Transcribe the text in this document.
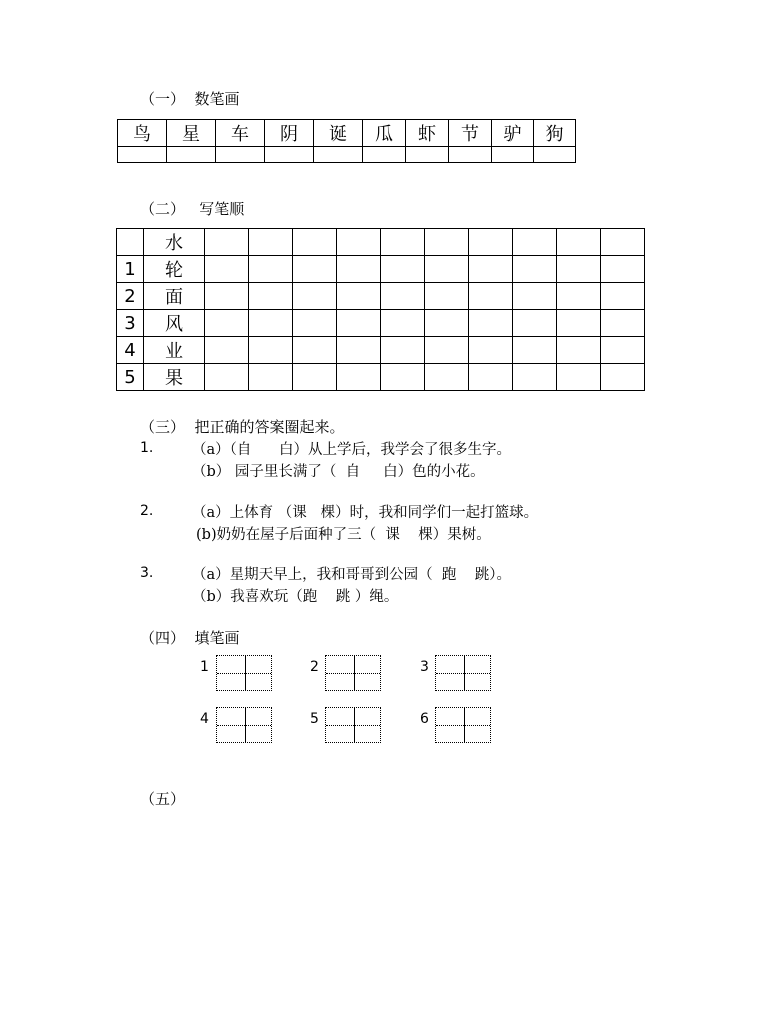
（一）  数笔画
鸟	星	车	阴	诞	瓜	虾	节	驴	狗

（二）   写笔顺
	水										
1	轮										
2	面										
3	风										
4	业										
5	果										
（三）  把正确的答案圈起来。
1.	（a）（自      白）从上学后，我学会了很多生字。
（b） 园子里长满了（  自     白）色的小花。
2.	（a）上体育 （课   棵）时，我和同学们一起打篮球。
(b)奶奶在屋子后面种了三（  课    棵）果树。
3.	（a）星期天早上，我和哥哥到公园（  跑    跳）。
（b）我喜欢玩（跑    跳 ）绳。
（四）  填笔画
1	2	3
4	5	6
（五）
